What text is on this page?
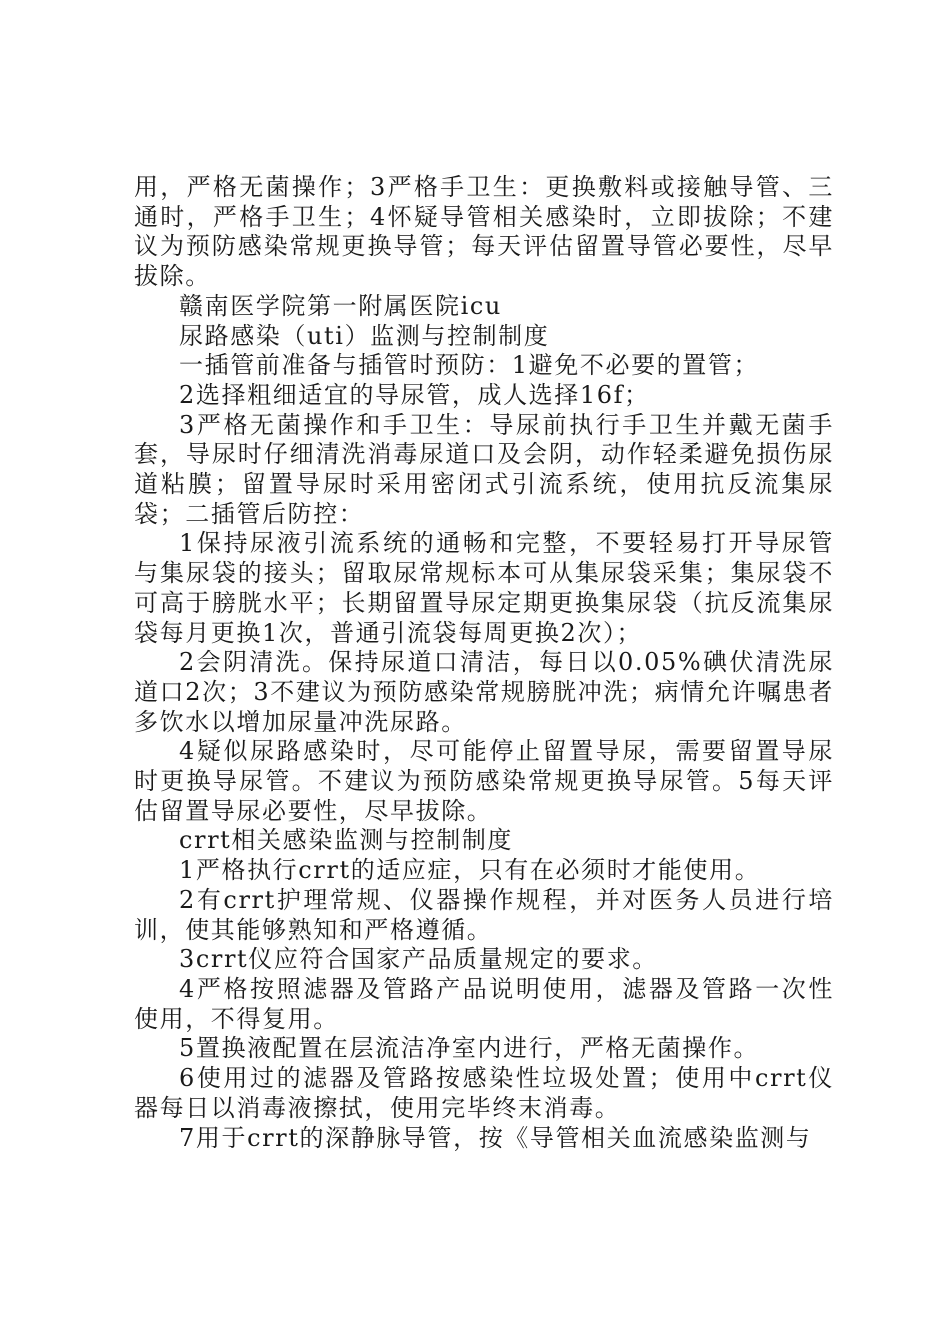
用，严格无菌操作；3严格手卫生：更换敷料或接触导管、三通时，严格手卫生；4怀疑导管相关感染时，立即拔除；不建议为预防感染常规更换导管；每天评估留置导管必要性，尽早拔除。

赣南医学院第一附属医院icu

尿路感染（uti）监测与控制制度

一插管前准备与插管时预防：1避免不必要的置管；

2选择粗细适宜的导尿管，成人选择16f；

3严格无菌操作和手卫生：导尿前执行手卫生并戴无菌手套，导尿时仔细清洗消毒尿道口及会阴，动作轻柔避免损伤尿道粘膜；留置导尿时采用密闭式引流系统，使用抗反流集尿袋；二插管后防控：

1保持尿液引流系统的通畅和完整，不要轻易打开导尿管与集尿袋的接头；留取尿常规标本可从集尿袋采集；集尿袋不可高于膀胱水平；长期留置导尿定期更换集尿袋（抗反流集尿袋每月更换1次，普通引流袋每周更换2次）；

2会阴清洗。保持尿道口清洁，每日以0.05%碘伏清洗尿道口2次；3不建议为预防感染常规膀胱冲洗；病情允许嘱患者多饮水以增加尿量冲洗尿路。

4疑似尿路感染时，尽可能停止留置导尿，需要留置导尿时更换导尿管。不建议为预防感染常规更换导尿管。5每天评估留置导尿必要性，尽早拔除。

crrt相关感染监测与控制制度

1严格执行crrt的适应症，只有在必须时才能使用。

2有crrt护理常规、仪器操作规程，并对医务人员进行培训，使其能够熟知和严格遵循。

3crrt仪应符合国家产品质量规定的要求。

4严格按照滤器及管路产品说明使用，滤器及管路一次性使用，不得复用。

5置换液配置在层流洁净室内进行，严格无菌操作。

6使用过的滤器及管路按感染性垃圾处置；使用中crrt仪器每日以消毒液擦拭，使用完毕终末消毒。

7用于crrt的深静脉导管，按《导管相关血流感染监测与
